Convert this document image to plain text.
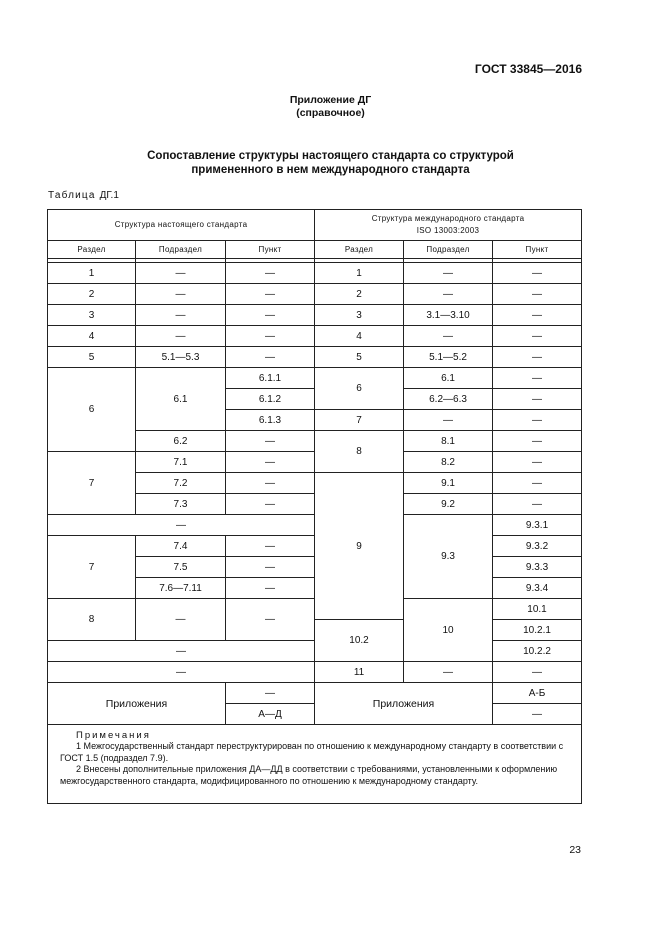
ГОСТ 33845—2016
Приложение ДГ
(справочное)
Сопоставление структуры настоящего стандарта со структурой
примененного в нем международного стандарта
Таблица ДГ.1
Структура настоящего стандарта			Структура международного стандарта
ISO 13003:2003			

Раздел	Подраздел	Пункт	Раздел	Подраздел	Пункт	

1	—	—	1	—	—	
2	—	—	2	—	—	
3	—	—	3	3.1—3.10	—	
4	—	—	4	—	—	
5	5.1—5.3	—	5	5.1—5.2	—	
6	6.1	6.1.1	6	6.1	—	
		6.1.2		6.2—6.3	—	
		6.1.3	7	—	—	
	6.2	—	8	8.1	—	
7	7.1	—		8.2	—	
	7.2	—	9	9.1	—	
	7.3	—		9.2	—	
—				9.3	9.3.1	
7	7.4	—			9.3.2	
	7.5	—			9.3.3	
	7.6—7.11	—			9.3.4	
8	—	—		10	10.1	
			10.2		10.2.1	
—					10.2.2	
—			11	—	—	
Приложения		—	Приложения		А-Б	
		А—Д			—	

Примечания
1 Межгосударственный стандарт переструктурирован по отношению к международному стандарту в соответствии с ГОСТ 1.5 (подраздел 7.9).
2 Внесены дополнительные приложения ДА—ДД в соответствии с требованиями, установленными к оформлению межгосударственного стандарта, модифицированного по отношению к международному стандарту.						
23
